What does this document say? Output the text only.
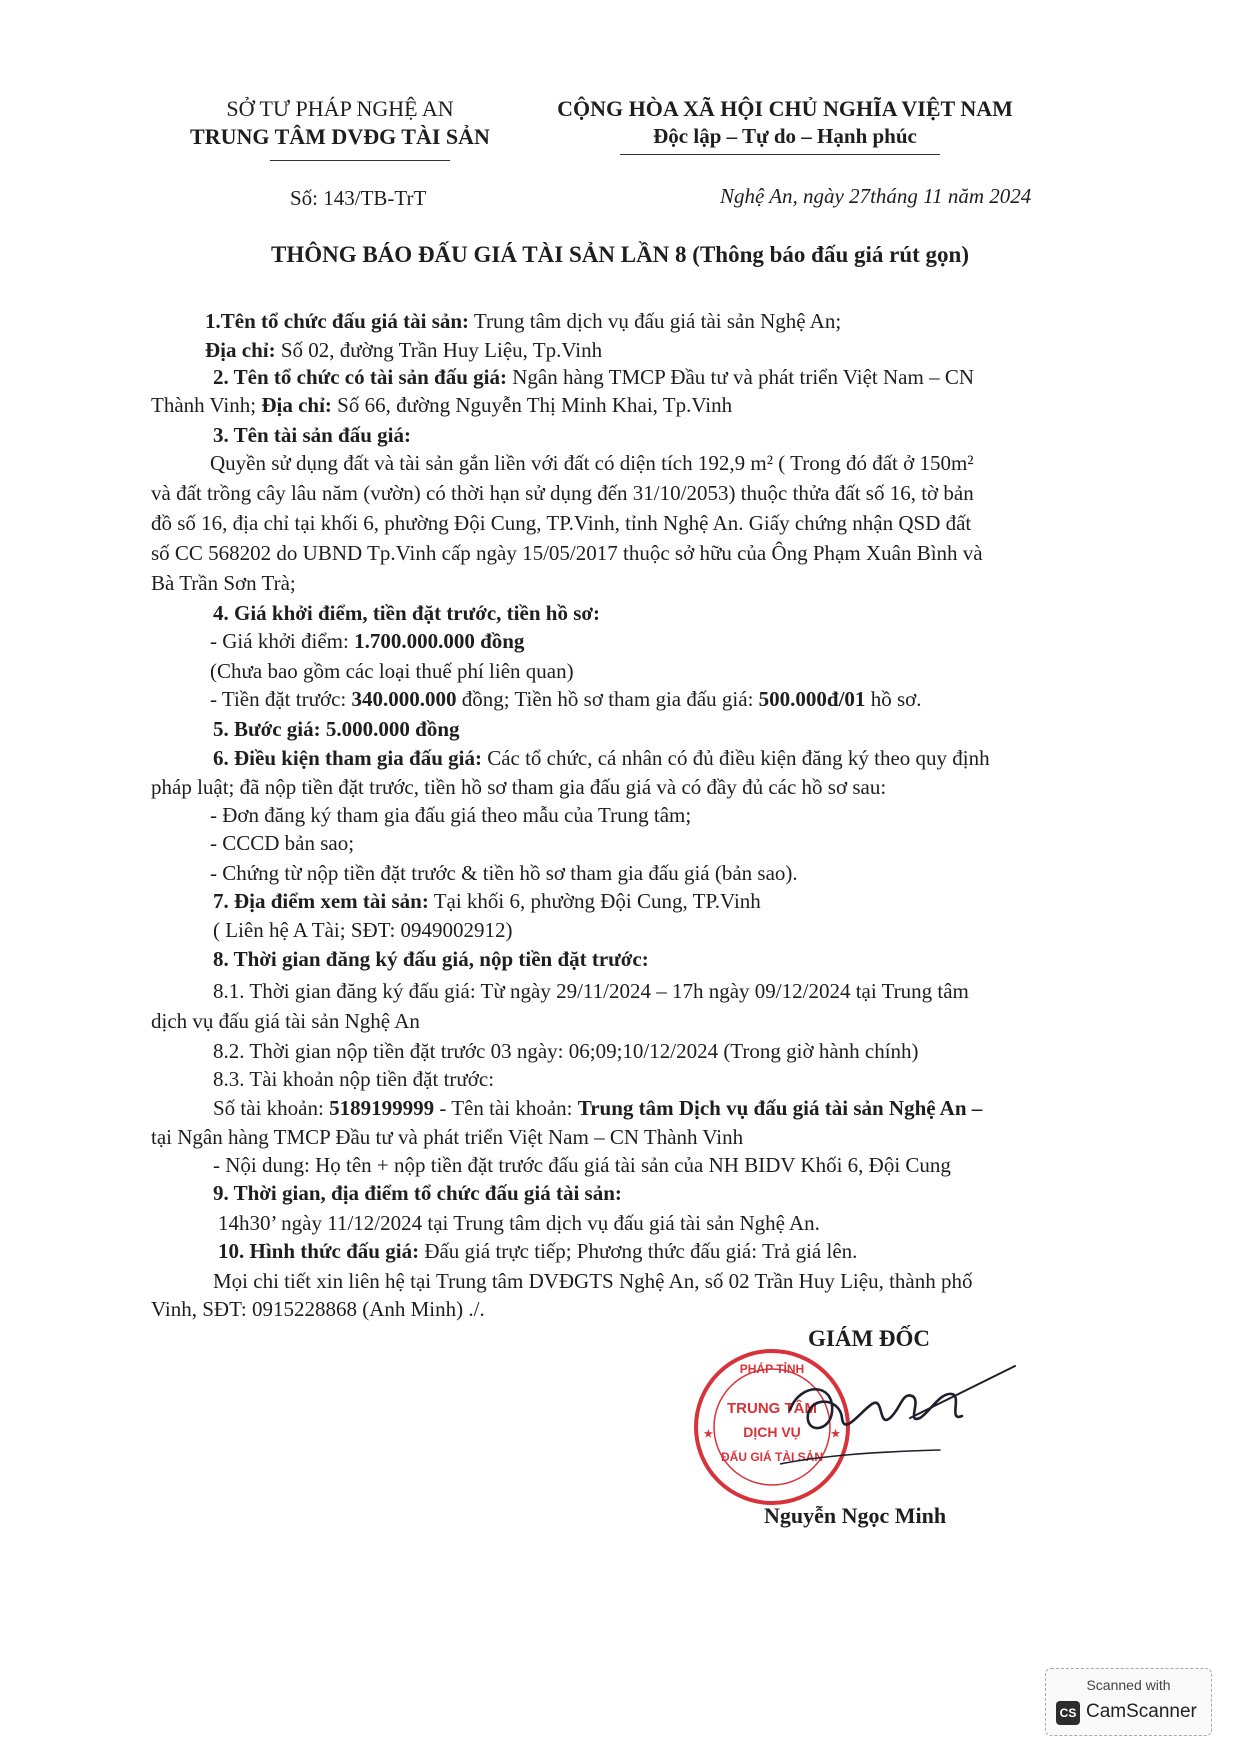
SỞ TƯ PHÁP NGHỆ AN
TRUNG TÂM DVĐG TÀI SẢN
CỘNG HÒA XÃ HỘI CHỦ NGHĨA VIỆT NAM
Độc lập – Tự do – Hạnh phúc
Số: 143/TB-TrT	Nghệ An, ngày 27tháng 11 năm 2024
THÔNG BÁO ĐẤU GIÁ TÀI SẢN LẦN 8 (Thông báo đấu giá rút gọn)
1.Tên tổ chức đấu giá tài sản: Trung tâm dịch vụ đấu giá tài sản Nghệ An;
Địa chỉ: Số 02, đường Trần Huy Liệu, Tp.Vinh
2. Tên tổ chức có tài sản đấu giá: Ngân hàng TMCP Đầu tư và phát triển Việt Nam – CN
Thành Vinh; Địa chỉ: Số 66, đường Nguyễn Thị Minh Khai, Tp.Vinh
3. Tên tài sản đấu giá:
Quyền sử dụng đất và tài sản gắn liền với đất có diện tích 192,9 m² ( Trong đó đất ở 150m²
và đất trồng cây lâu năm (vườn) có thời hạn sử dụng đến 31/10/2053) thuộc thửa đất số 16, tờ bản
đồ số 16, địa chỉ tại khối 6, phường Đội Cung, TP.Vinh, tỉnh Nghệ An. Giấy chứng nhận QSD đất
số CC 568202 do UBND Tp.Vinh cấp ngày 15/05/2017 thuộc sở hữu của Ông Phạm Xuân Bình và
Bà Trần Sơn Trà;
4. Giá khởi điểm, tiền đặt trước, tiền hồ sơ:
- Giá khởi điểm: 1.700.000.000 đồng
(Chưa bao gồm các loại thuế phí liên quan)
- Tiền đặt trước: 340.000.000 đồng; Tiền hồ sơ tham gia đấu giá: 500.000đ/01 hồ sơ.
5. Bước giá: 5.000.000 đồng
6. Điều kiện tham gia đấu giá: Các tổ chức, cá nhân có đủ điều kiện đăng ký theo quy định
pháp luật; đã nộp tiền đặt trước, tiền hồ sơ tham gia đấu giá và có đầy đủ các hồ sơ sau:
- Đơn đăng ký tham gia đấu giá theo mẫu của Trung tâm;
- CCCD bản sao;
- Chứng từ nộp tiền đặt trước & tiền hồ sơ tham gia đấu giá (bản sao).
7. Địa điểm xem tài sản: Tại khối 6, phường Đội Cung, TP.Vinh
( Liên hệ A Tài; SĐT: 0949002912)
8. Thời gian đăng ký đấu giá, nộp tiền đặt trước:
8.1. Thời gian đăng ký đấu giá: Từ ngày 29/11/2024 – 17h ngày 09/12/2024 tại Trung tâm
dịch vụ đấu giá tài sản Nghệ An
8.2. Thời gian nộp tiền đặt trước 03 ngày: 06;09;10/12/2024 (Trong giờ hành chính)
8.3. Tài khoản nộp tiền đặt trước:
Số tài khoản: 5189199999 - Tên tài khoản: Trung tâm Dịch vụ đấu giá tài sản Nghệ An –
tại Ngân hàng TMCP Đầu tư và phát triển Việt Nam – CN Thành Vinh
- Nội dung: Họ tên + nộp tiền đặt trước đấu giá tài sản của NH BIDV Khối 6, Đội Cung
9. Thời gian, địa điểm tổ chức đấu giá tài sản:
14h30’ ngày 11/12/2024 tại Trung tâm dịch vụ đấu giá tài sản Nghệ An.
10. Hình thức đấu giá: Đấu giá trực tiếp; Phương thức đấu giá: Trả giá lên.
Mọi chi tiết xin liên hệ tại Trung tâm DVĐGTS Nghệ An, số 02 Trần Huy Liệu, thành phố
Vinh, SĐT: 0915228868 (Anh Minh) ./.
GIÁM ĐỐC
PHÁP TỈNH
TRUNG TÂM
DỊCH VỤ
ĐẤU GIÁ TÀI SẢN
★	★
Nguyễn Ngọc Minh
Scanned with
CS CamScanner
